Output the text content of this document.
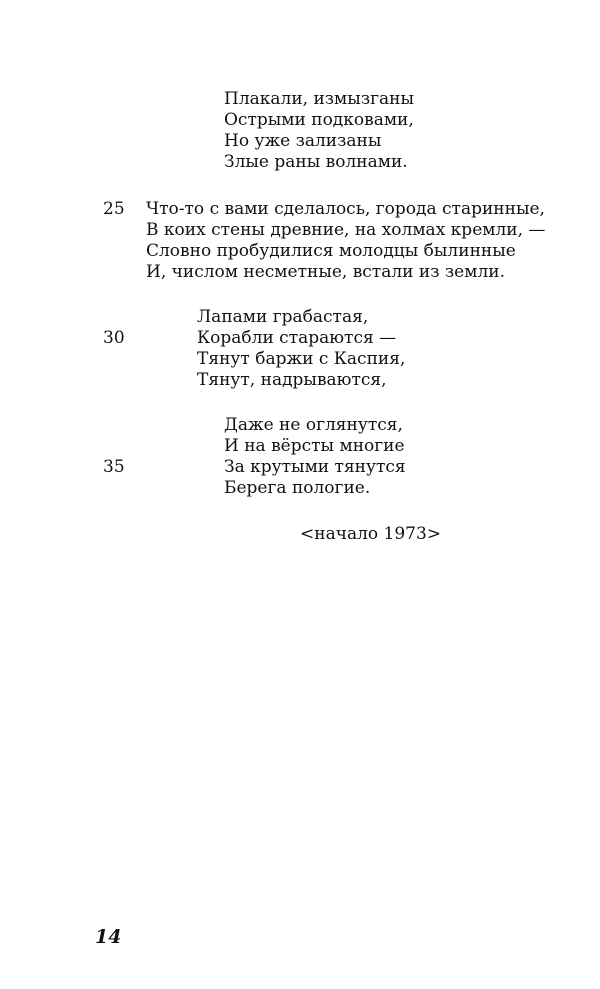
Плакали, измызганы
Острыми подковами,
Но уже зализаны
Злые раны волнами.
25 Что-то с вами сделалось, города старинные,
В коих стены древние, на холмах кремли, —
Словно пробудилися молодцы былинные
И, числом несметные, встали из земли.
Лапами грабастая,
30	Корабли стараются —
Тянут баржи с Каспия,
Тянут, надрываются,
Даже не оглянутся,
И на вёрсты многие
35	За крутыми тянутся
Берега пологие.
<начало 1973>
14
